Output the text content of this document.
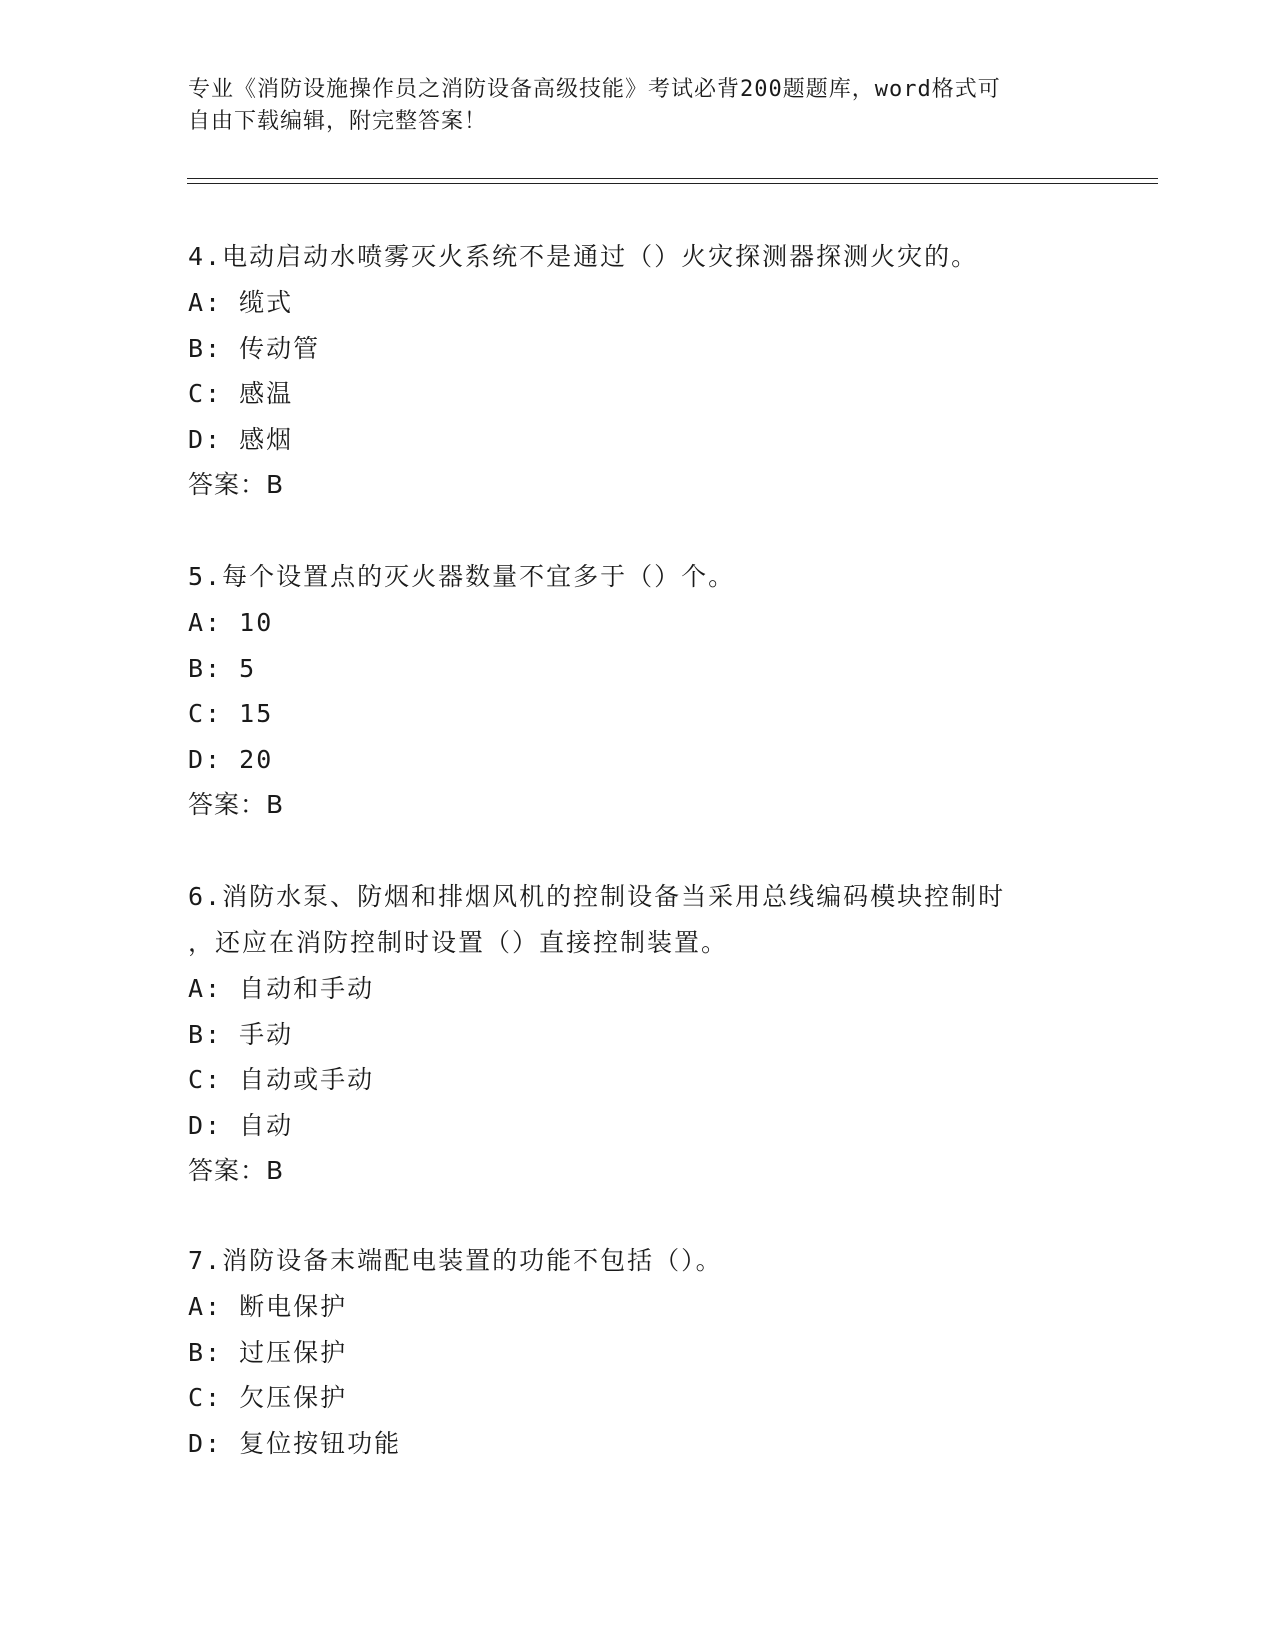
专业《消防设施操作员之消防设备高级技能》考试必背200题题库，word格式可
自由下载编辑，附完整答案！

4.电动启动水喷雾灭火系统不是通过（）火灾探测器探测火灾的。

A: 缆式

B: 传动管

C: 感温

D: 感烟

答案：B

5.每个设置点的灭火器数量不宜多于（）个。

A: 10

B: 5

C: 15

D: 20

答案：B

6.消防水泵、防烟和排烟风机的控制设备当采用总线编码模块控制时

，还应在消防控制时设置（）直接控制装置。

A: 自动和手动

B: 手动

C: 自动或手动

D: 自动

答案：B

7.消防设备末端配电装置的功能不包括（）。

A: 断电保护

B: 过压保护

C: 欠压保护

D: 复位按钮功能
